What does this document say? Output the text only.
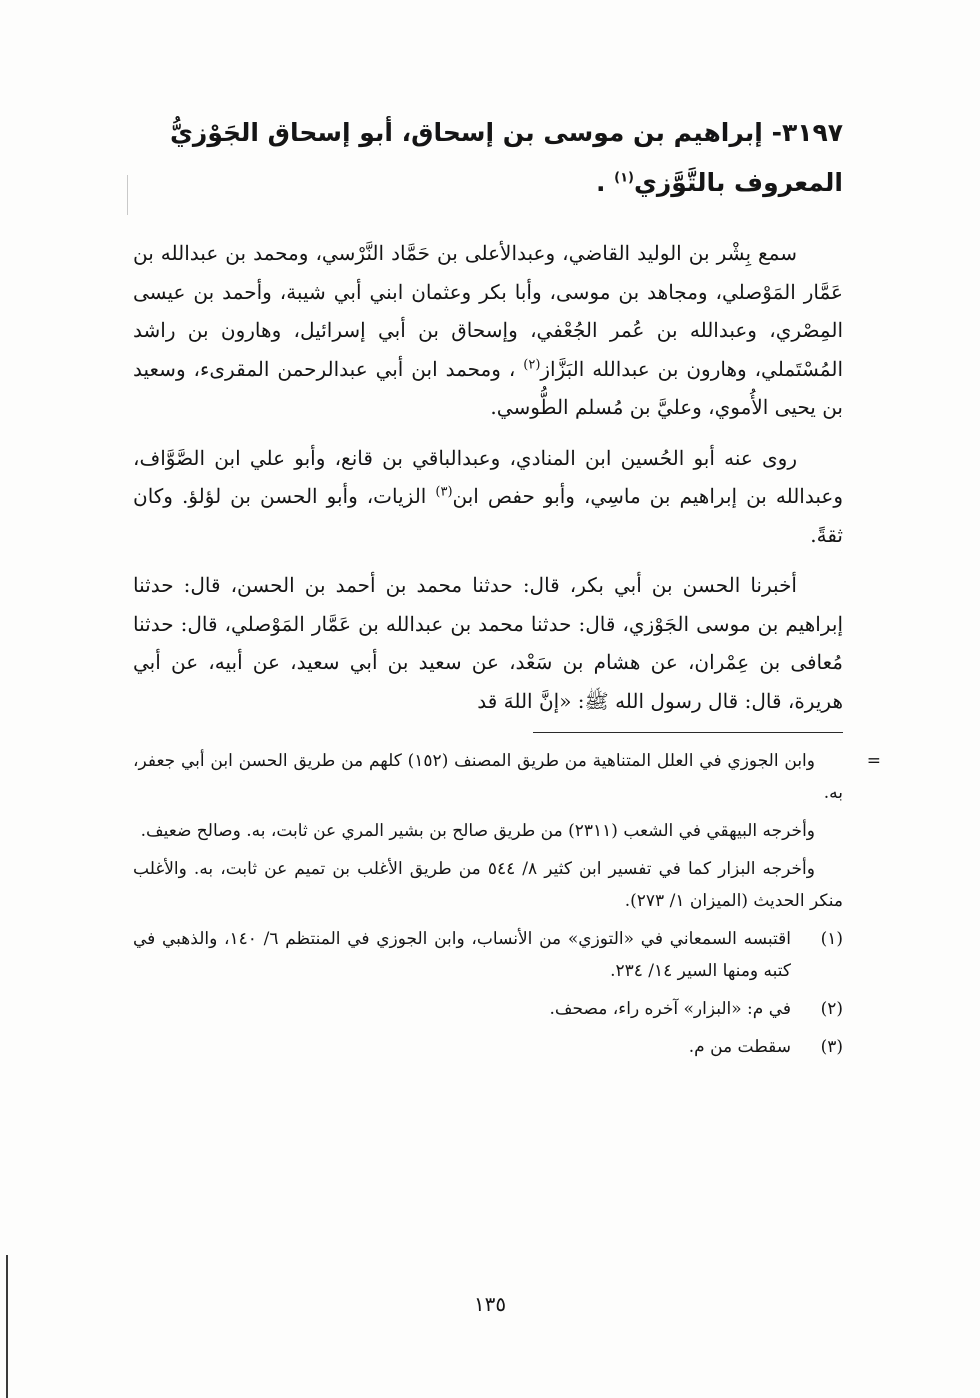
٣١٩٧- إبراهيم بن موسى بن إسحاق، أبو إسحاق الجَوْزيُّ
المعروف بالتَّوَّزي$^{(١)}$ .

سمع بِشْر بن الوليد القاضي، وعبدالأعلى بن حَمَّاد النَّرْسي، ومحمد بن عبدالله بن عَمَّار المَوْصلي، ومجاهد بن موسى، وأبا بكر وعثمان ابني أبي شيبة، وأحمد بن عيسى المِصْري، وعبدالله بن عُمر الجُعْفي، وإسحاق بن أبي إسرائيل، وهارون بن راشد المُسْتَملي، وهارون بن عبدالله البَزَّاز$^{(٢)}$ ، ومحمد ابن أبي عبدالرحمن المقرىء، وسعيد بن يحيى الأُموي، وعليَّ بن مُسلم الطُّوسي.

روى عنه أبو الحُسين ابن المنادي، وعبدالباقي بن قانع، وأبو علي ابن الصَّوَّاف، وعبدالله بن إبراهيم بن ماسِي، وأبو حفص ابن$^{(٣)}$ الزيات، وأبو الحسن بن لؤلؤ. وكان ثقةً.

أخبرنا الحسن بن أبي بكر، قال: حدثنا محمد بن أحمد بن الحسن، قال: حدثنا إبراهيم بن موسى الجَوْزي، قال: حدثنا محمد بن عبدالله بن عَمَّار المَوْصلي، قال: حدثنا مُعافى بن عِمْران، عن هشام بن سَعْد، عن سعيد بن أبي سعيد، عن أبيه، عن أبي هريرة، قال: قال رسول الله ﷺ: «إنَّ اللهَ قد

=

وابن الجوزي في العلل المتناهية من طريق المصنف (١٥٢) كلهم من طريق الحسن ابن أبي جعفر، به.

وأخرجه البيهقي في الشعب (٢٣١١) من طريق صالح بن بشير المري عن ثابت، به. وصالح ضعيف.

وأخرجه البزار كما في تفسير ابن كثير ٨/ ٥٤٤ من طريق الأغلب بن تميم عن ثابت، به. والأغلب منكر الحديث (الميزان ١/ ٢٧٣).

(١)
اقتبسه السمعاني في «التوزي» من الأنساب، وابن الجوزي في المنتظم ٦/ ١٤٠، والذهبي في كتبه ومنها السير ١٤/ ٢٣٤.
(٢)
في م: «البزار» آخره راء، مصحف.
(٣)
سقطت من م.
١٣٥
